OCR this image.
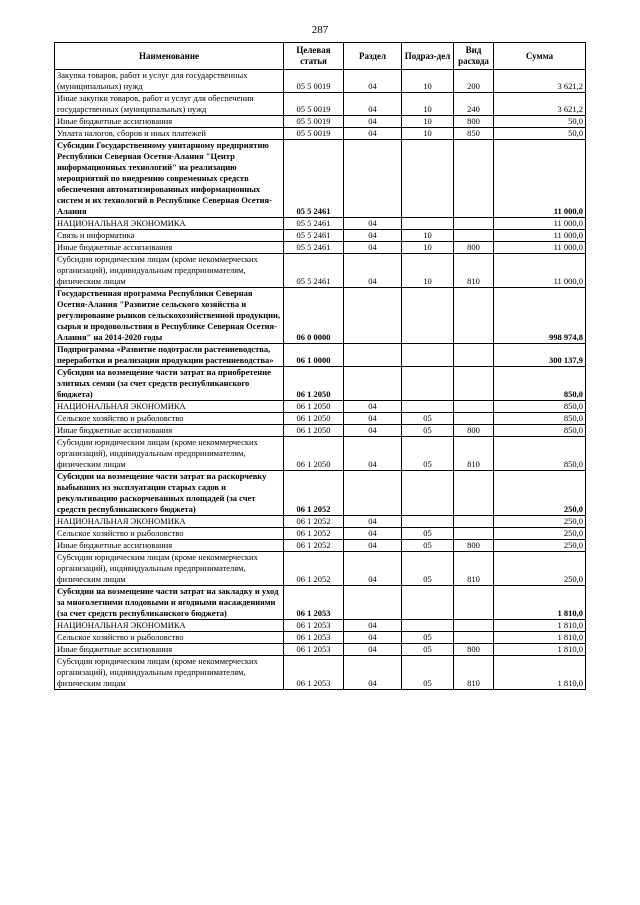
287
Наименование	Целевая статья	Раздел	Подраз-дел	Вид расхода	Сумма
Закупка товаров, работ и услуг для государственных (муниципальных) нужд	05 5 0019	04	10	200	3 621,2
Иные закупки товаров, работ и услуг для обеспечения государственных (муниципальных) нужд	05 5 0019	04	10	240	3 621,2
Иные бюджетные ассигнования	05 5 0019	04	10	800	50,0
Уплата налогов, сборов и иных платежей	05 5 0019	04	10	850	50,0
Субсидии Государственному унитарному предприятию Республики Северная Осетия-Алания "Центр информационных технологий" на реализацию мероприятий по внедрению современных средств обеспечения автоматизированных информационных систем и их технологий в Республике Северная Осетия-Алания	05 5 2461				11 000,0
НАЦИОНАЛЬНАЯ ЭКОНОМИКА	05 5 2461	04			11 000,0
Связь и информатика	05 5 2461	04	10		11 000,0
Иные бюджетные ассигнования	05 5 2461	04	10	800	11 000,0
Субсидии юридическим лицам (кроме некоммерческих организаций), индивидуальным предпринимателям, физическим лицам	05 5 2461	04	10	810	11 000,0
Государственная программа Республики Северная Осетия-Алания "Развитие сельского хозяйства и регулирование рынков сельскохозяйственной продукции, сырья и продовольствия в Республике Северная Осетия-Алания" на 2014-2020 годы	06 0 0000				998 974,8
Подпрограмма «Развитие подотрасли растениеводства, переработки и реализации продукции растениеводства»	06 1 0000				300 137,9
Субсидии на возмещение части затрат на приобретение элитных семян (за счет средств республиканского бюджета)	06 1 2050				850,0
НАЦИОНАЛЬНАЯ ЭКОНОМИКА	06 1 2050	04			850,0
Сельское хозяйство и рыболовство	06 1 2050	04	05		850,0
Иные бюджетные ассигнования	06 1 2050	04	05	800	850,0
Субсидии юридическим лицам (кроме некоммерческих организаций), индивидуальным предпринимателям, физическим лицам	06 1 2050	04	05	810	850,0
Субсидии на возмещение части затрат на раскорчевку выбывших из эксплуатации старых садов и рекультивацию раскорчеванных площадей (за счет средств республиканского бюджета)	06 1 2052				250,0
НАЦИОНАЛЬНАЯ ЭКОНОМИКА	06 1 2052	04			250,0
Сельское хозяйство и рыболовство	06 1 2052	04	05		250,0
Иные бюджетные ассигнования	06 1 2052	04	05	800	250,0
Субсидии юридическим лицам (кроме некоммерческих организаций), индивидуальным предпринимателям, физическим лицам	06 1 2052	04	05	810	250,0
Субсидии на возмещение части затрат на закладку и уход за многолетними плодовыми и ягодными насаждениями (за счет средств республиканского бюджета)	06 1 2053				1 810,0
НАЦИОНАЛЬНАЯ ЭКОНОМИКА	06 1 2053	04			1 810,0
Сельское хозяйство и рыболовство	06 1 2053	04	05		1 810,0
Иные бюджетные ассигнования	06 1 2053	04	05	800	1 810,0
Субсидии юридическим лицам (кроме некоммерческих организаций), индивидуальным предпринимателям, физическим лицам	06 1 2053	04	05	810	1 810,0
